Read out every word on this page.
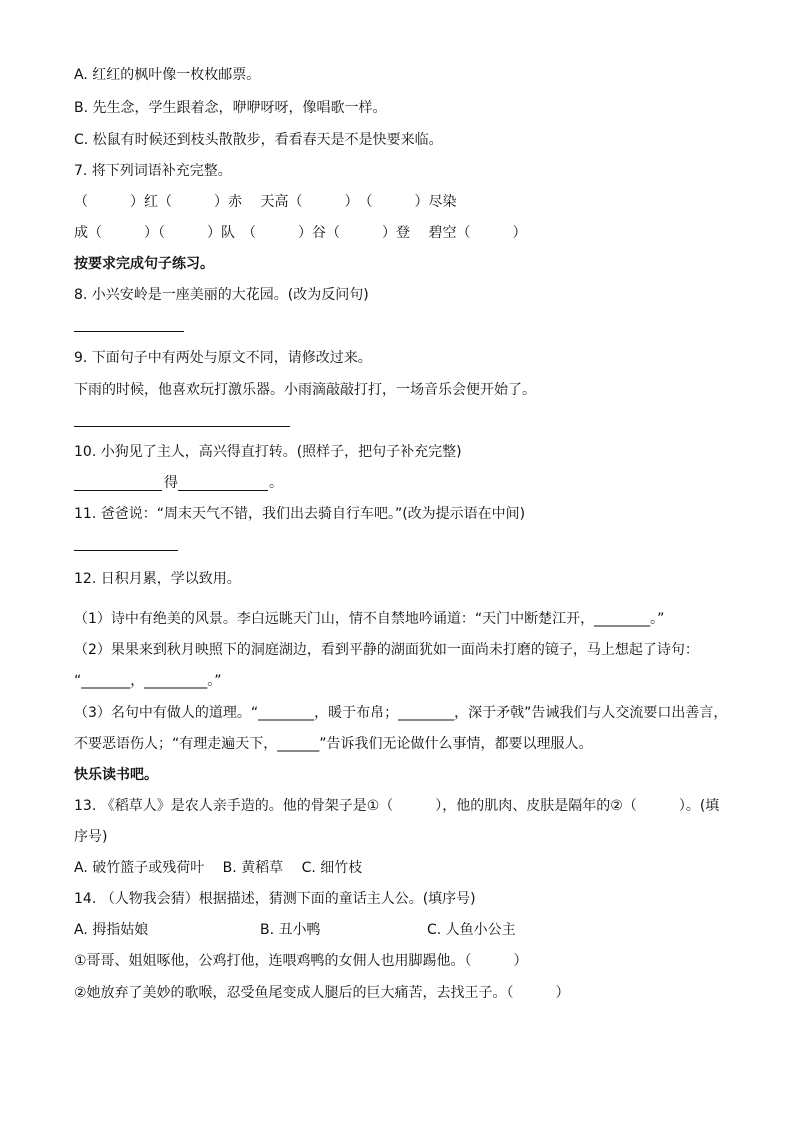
A. 红红的枫叶像一枚枚邮票。
B. 先生念，学生跟着念，咿咿呀呀，像唱歌一样。
C. 松鼠有时候还到枝头散散步，看看春天是不是快要来临。
7. 将下列词语补充完整。
（　　　）红（　　　）赤　 天高（　　　）　（　　　）尽染
成（　　　）（　　　）队　（　　　）谷（　　　）登　 碧空（　　　）
按要求完成句子练习。
8. 小兴安岭是一座美丽的大花园。(改为反问句)
9. 下面句子中有两处与原文不同，请修改过来。
下雨的时候，他喜欢玩打激乐器。小雨滴敲敲打打，一场音乐会便开始了。
10. 小狗见了主人，高兴得直打转。(照样子，把句子补充完整)
得	。
11. 爸爸说：“周末天气不错，我们出去骑自行车吧。”(改为提示语在中间)
12. 日积月累，学以致用。
（1）诗中有绝美的风景。李白远眺天门山，情不自禁地吟诵道：“天门中断楚江开，________。”
（2）果果来到秋月映照下的洞庭湖边，看到平静的湖面犹如一面尚未打磨的镜子，马上想起了诗句：
“_______，_________。”
（3）名句中有做人的道理。“________，暖于布帛；________，深于矛戟”告诫我们与人交流要口出善言，
不要恶语伤人；“有理走遍天下，______”告诉我们无论做什么事情，都要以理服人。
快乐读书吧。
13. 《稻草人》是农人亲手造的。他的骨架子是①（　　　），他的肌肉、皮肤是隔年的②（　　　）。(填
序号)
A. 破竹篮子或残荷叶　 B. 黄稻草　 C. 细竹枝
14. （人物我会猜）根据描述，猜测下面的童话主人公。(填序号)
A. 拇指姑娘	B. 丑小鸭	C. 人鱼小公主
①哥哥、姐姐啄他，公鸡打他，连喂鸡鸭的女佣人也用脚踢他。（　　　）
②她放弃了美妙的歌喉，忍受鱼尾变成人腿后的巨大痛苦，去找王子。（　　　）
